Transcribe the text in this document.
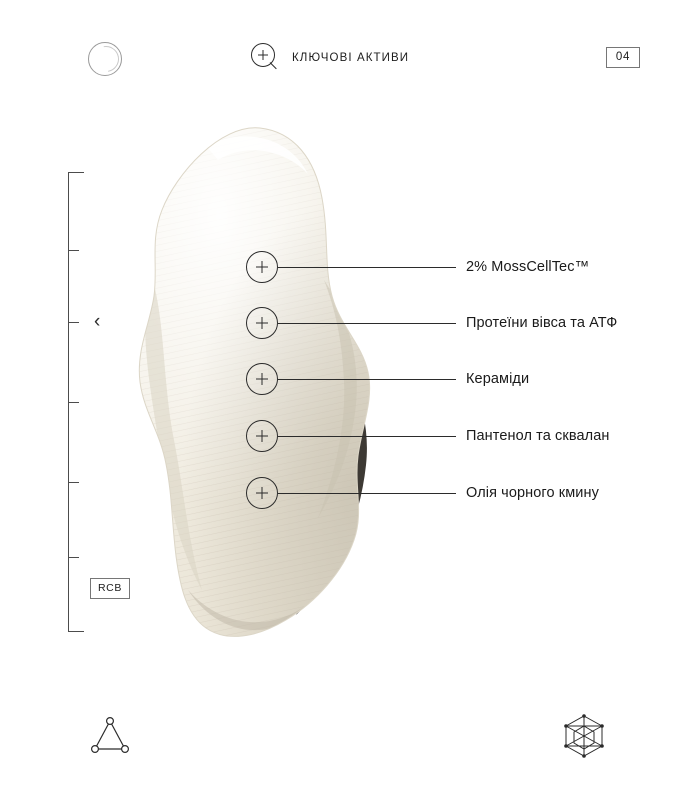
КЛЮЧОВІ АКТИВИ	04
‹
RCB
2% MossCellTec™
Протеїни вівса та АТФ
Кераміди
Пантенол та сквалан
Олія чорного кмину
